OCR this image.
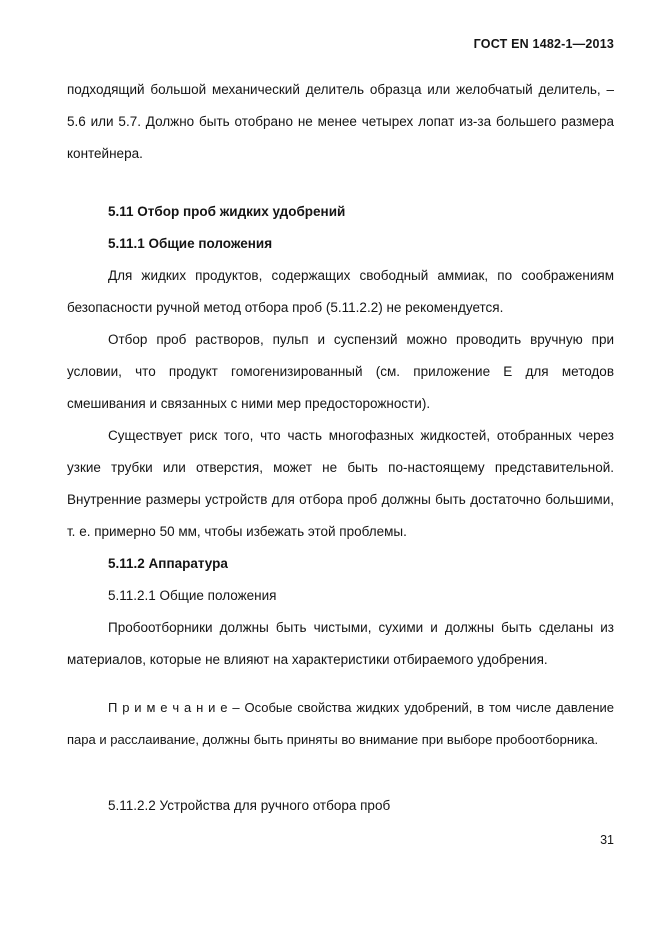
ГОСТ EN 1482-1—2013

подходящий большой механический делитель образца или желобчатый делитель, – 5.6 или 5.7. Должно быть отобрано не менее четырех лопат из-за большего размера контейнера.

5.11 Отбор проб жидких удобрений

5.11.1 Общие положения

Для жидких продуктов, содержащих свободный аммиак, по соображениям безопасности ручной метод отбора проб (5.11.2.2) не рекомендуется.

Отбор проб растворов, пульп и суспензий можно проводить вручную при условии, что продукт гомогенизированный (см. приложение Е для методов смешивания и связанных с ними мер предосторожности).

Существует риск того, что часть многофазных жидкостей, отобранных через узкие трубки или отверстия, может не быть по-настоящему представительной. Внутренние размеры устройств для отбора проб должны быть достаточно большими, т. е. примерно 50 мм, чтобы избежать этой проблемы.

5.11.2 Аппаратура

5.11.2.1 Общие положения

Пробоотборники должны быть чистыми, сухими и должны быть сделаны из материалов, которые не влияют на характеристики отбираемого удобрения.

П р и м е ч а н и е – Особые свойства жидких удобрений, в том числе давление пара и расслаивание, должны быть приняты во внимание при выборе пробоотборника.

5.11.2.2 Устройства для ручного отбора проб

31
